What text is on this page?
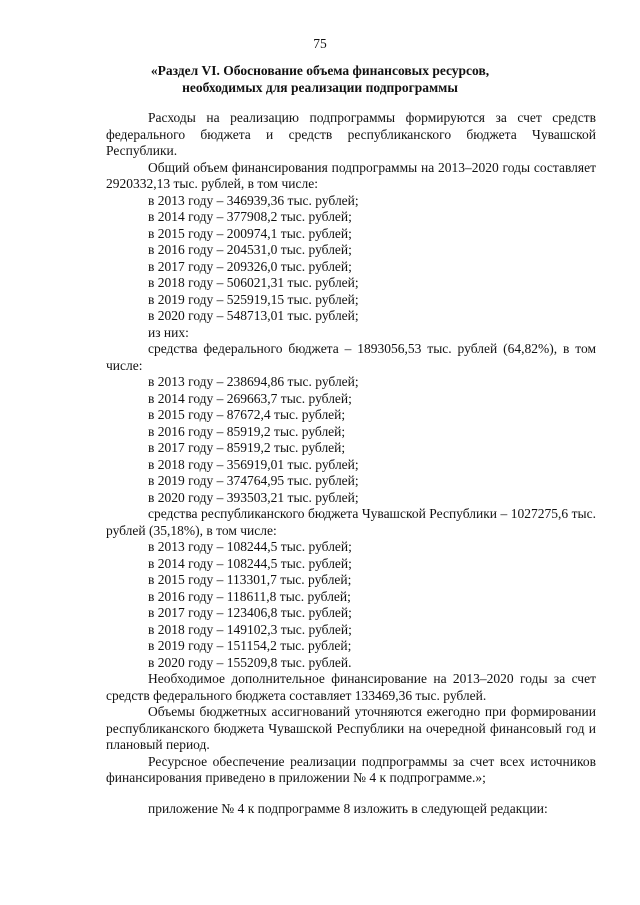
75
«Раздел VI. Обоснование объема финансовых ресурсов,
необходимых для реализации подпрограммы

Расходы на реализацию подпрограммы формируются за счет средств федерального бюджета и средств республиканского бюджета Чувашской Республики.

Общий объем финансирования подпрограммы на 2013–2020 годы составляет 2920332,13 тыс. рублей, в том числе:

в 2013 году – 346939,36 тыс. рублей;

в 2014 году – 377908,2 тыс. рублей;

в 2015 году – 200974,1 тыс. рублей;

в 2016 году – 204531,0 тыс. рублей;

в 2017 году – 209326,0 тыс. рублей;

в 2018 году – 506021,31 тыс. рублей;

в 2019 году – 525919,15 тыс. рублей;

в 2020 году – 548713,01 тыс. рублей;

из них:

средства федерального бюджета – 1893056,53 тыс. рублей (64,82%), в том числе:

в 2013 году – 238694,86 тыс. рублей;

в 2014 году – 269663,7 тыс. рублей;

в 2015 году – 87672,4 тыс. рублей;

в 2016 году – 85919,2 тыс. рублей;

в 2017 году – 85919,2 тыс. рублей;

в 2018 году – 356919,01 тыс. рублей;

в 2019 году – 374764,95 тыс. рублей;

в 2020 году – 393503,21 тыс. рублей;

средства республиканского бюджета Чувашской Республики – 1027275,6 тыс. рублей (35,18%), в том числе:

в 2013 году – 108244,5 тыс. рублей;

в 2014 году – 108244,5 тыс. рублей;

в 2015 году – 113301,7 тыс. рублей;

в 2016 году – 118611,8 тыс. рублей;

в 2017 году – 123406,8 тыс. рублей;

в 2018 году – 149102,3 тыс. рублей;

в 2019 году – 151154,2 тыс. рублей;

в 2020 году – 155209,8 тыс. рублей.

Необходимое дополнительное финансирование на 2013–2020 годы за счет средств федерального бюджета составляет 133469,36 тыс. рублей.

Объемы бюджетных ассигнований уточняются ежегодно при формировании республиканского бюджета Чувашской Республики на очередной финансовый год и плановый период.

Ресурсное обеспечение реализации подпрограммы за счет всех источников финансирования приведено в приложении № 4 к подпрограмме.»;

приложение № 4 к подпрограмме 8 изложить в следующей редакции:
